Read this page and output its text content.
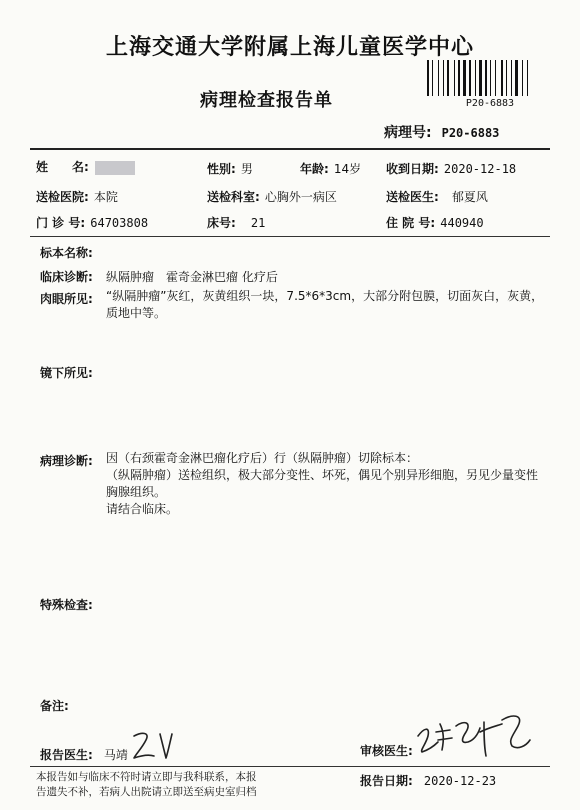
上海交通大学附属上海儿童医学中心
病理检查报告单	P20-6883
病理号: P20-6883
姓　　名:	性别: 男	年龄: 14岁 收到日期: 2020-12-18
送检医院: 本院	送检科室: 心胸外一病区	送检医生: 郁夏风
门 诊 号: 64703808	床号: 21	住 院 号: 440940
标本名称:
临床诊断: 纵隔肿瘤　霍奇金淋巴瘤 化疗后
肉眼所见: “纵隔肿瘤”灰红，灰黄组织一块，7.5*6*3cm，大部分附包膜，切面灰白，灰黄，
质地中等。
镜下所见:
病理诊断: 因（右颈霍奇金淋巴瘤化疗后）行（纵隔肿瘤）切除标本：
（纵隔肿瘤）送检组织，极大部分变性、坏死，偶见个别异形细胞，另见少量变性
胸腺组织。
请结合临床。
特殊检查:
备注:
报告医生: 马靖	审核医生:
本报告如与临床不符时请立即与我科联系，本报
告遗失不补，若病人出院请立即送至病史室归档
报告日期: 2020-12-23
